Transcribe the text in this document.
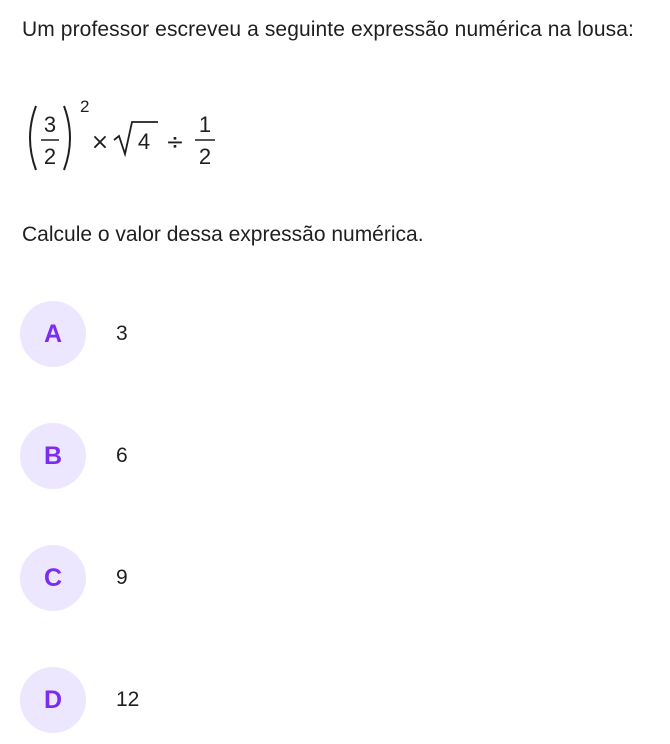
Um professor escreveu a seguinte expressão numérica na lousa:

3
2
2
× 4 ÷
1
2

Calcule o valor dessa expressão numérica.

A	3
B	6
C	9
D	12
